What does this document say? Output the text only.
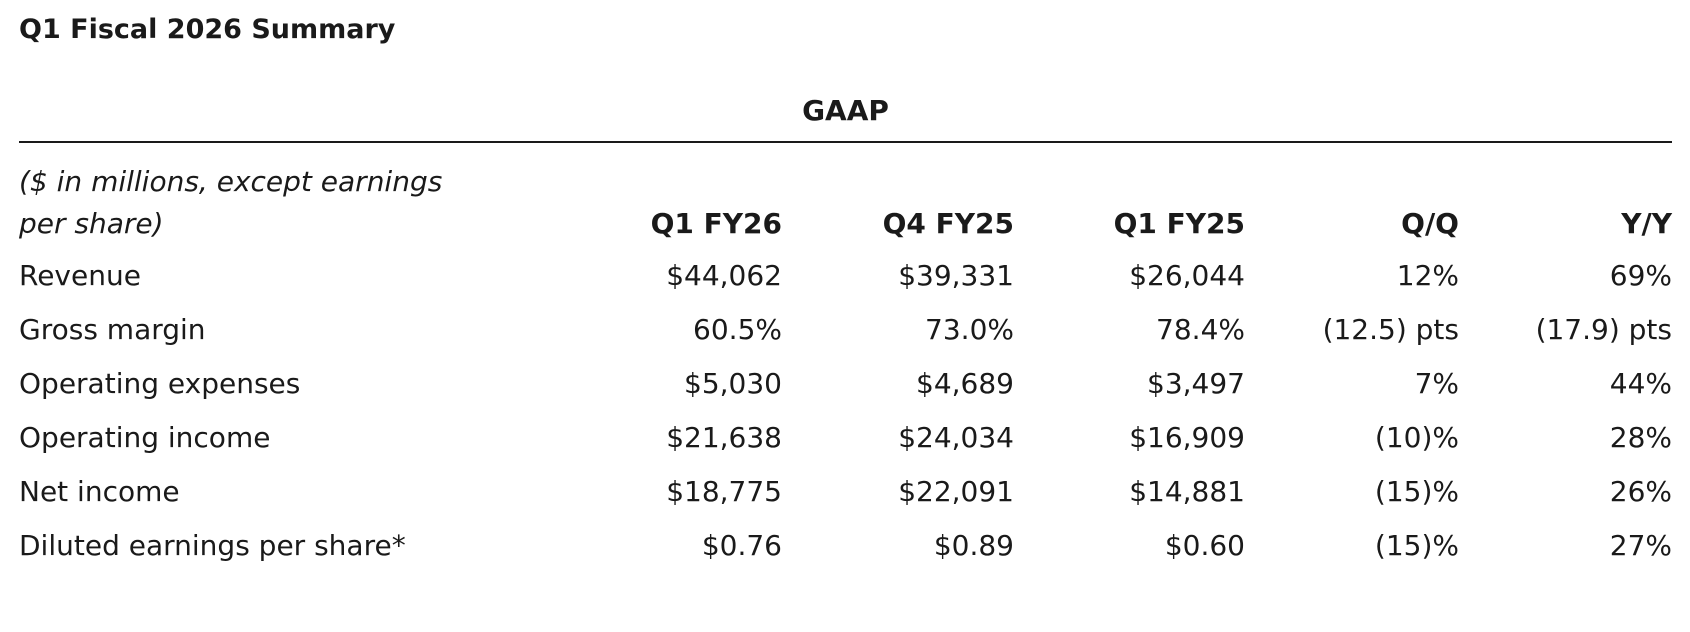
Q1 Fiscal 2026 Summary
GAAP
($ in millions, except earnings					
per share)	Q1 FY26	Q4 FY25	Q1 FY25	Q/Q	Y/Y
Revenue	$44,062	$39,331	$26,044	12%	69%
Gross margin	60.5%	73.0%	78.4%	(12.5) pts	(17.9) pts
Operating expenses	$5,030	$4,689	$3,497	7%	44%
Operating income	$21,638	$24,034	$16,909	(10)%	28%
Net income	$18,775	$22,091	$14,881	(15)%	26%
Diluted earnings per share*	$0.76	$0.89	$0.60	(15)%	27%
